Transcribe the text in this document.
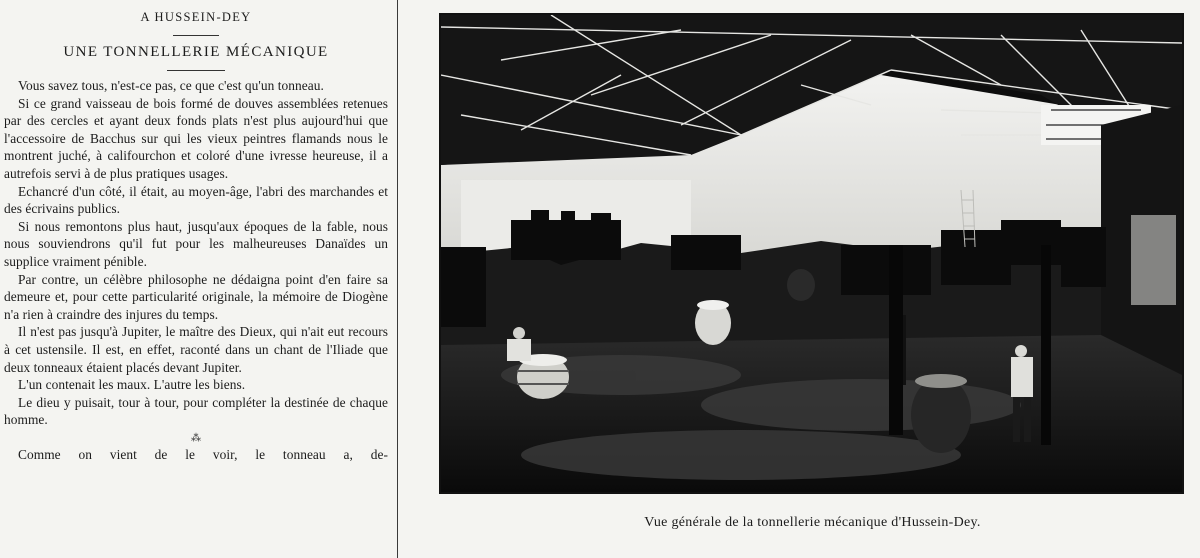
A HUSSEIN-DEY

UNE TONNELLERIE MÉCANIQUE

Vous savez tous, n'est-ce pas, ce que c'est qu'un tonneau.

Si ce grand vaisseau de bois formé de douves assemblées retenues par des cercles et ayant deux fonds plats n'est plus aujourd'hui que l'accessoire de Bacchus sur qui les vieux peintres flamands nous le montrent juché, à califourchon et coloré d'une ivresse heureuse, il a autrefois servi à de plus pratiques usages.

Echancré d'un côté, il était, au moyen-âge, l'abri des marchandes et des écrivains publics.

Si nous remontons plus haut, jusqu'aux époques de la fable, nous nous souviendrons qu'il fut pour les malheureuses Danaïdes un supplice vraiment pénible.

Par contre, un célèbre philosophe ne dédaigna point d'en faire sa demeure et, pour cette particularité originale, la mémoire de Diogène n'a rien à craindre des injures du temps.

Il n'est pas jusqu'à Jupiter, le maître des Dieux, qui n'ait eut recours à cet ustensile. Il est, en effet, raconté dans un chant de l'Iliade que deux tonneaux étaient placés devant Jupiter.

L'un contenait les maux. L'autre les biens.

Le dieu y puisait, tour à tour, pour compléter la destinée de chaque homme.

⁂

Comme on vient de le voir, le tonneau a, de-

Vue générale de la tonnellerie mécanique d'Hussein-Dey.
